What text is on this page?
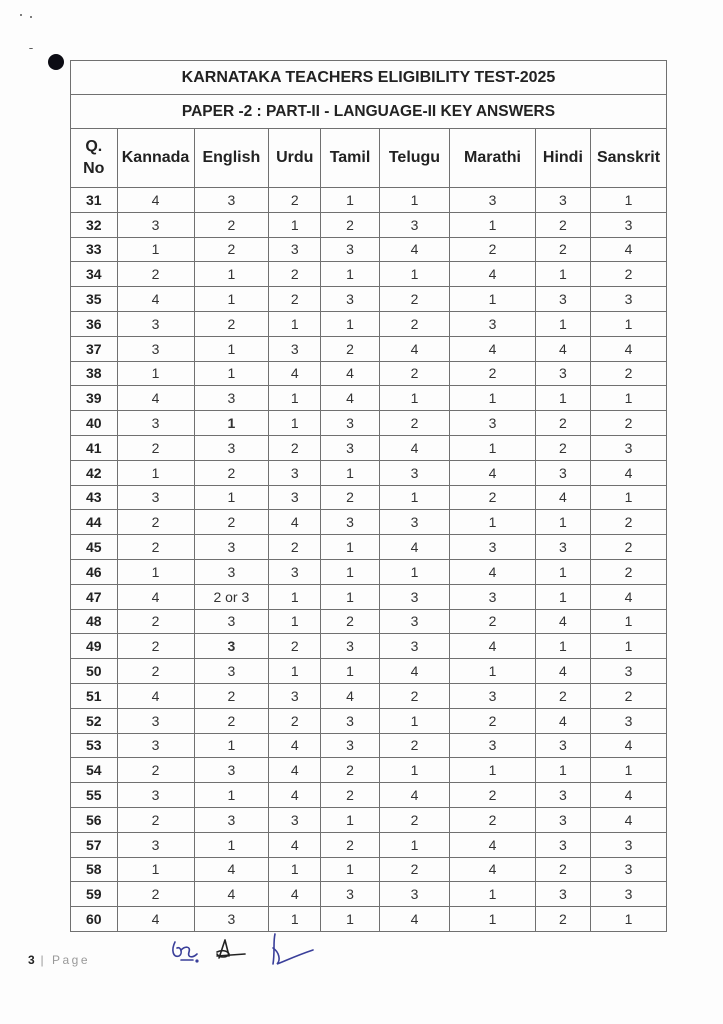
KARNATAKA TEACHERS ELIGIBILITY TEST-2025								
PAPER -2 : PART-II - LANGUAGE-II KEY ANSWERS								

Q.
No	Kannada	English	Urdu	Tamil	Telugu	Marathi	Hindi	Sanskrit
31	4	3	2	1	1	3	3	1
32	3	2	1	2	3	1	2	3
33	1	2	3	3	4	2	2	4
34	2	1	2	1	1	4	1	2
35	4	1	2	3	2	1	3	3
36	3	2	1	1	2	3	1	1
37	3	1	3	2	4	4	4	4
38	1	1	4	4	2	2	3	2
39	4	3	1	4	1	1	1	1
40	3	1	1	3	2	3	2	2
41	2	3	2	3	4	1	2	3
42	1	2	3	1	3	4	3	4
43	3	1	3	2	1	2	4	1
44	2	2	4	3	3	1	1	2
45	2	3	2	1	4	3	3	2
46	1	3	3	1	1	4	1	2
47	4	2 or 3	1	1	3	3	1	4
48	2	3	1	2	3	2	4	1
49	2	3	2	3	3	4	1	1
50	2	3	1	1	4	1	4	3
51	4	2	3	4	2	3	2	2
52	3	2	2	3	1	2	4	3
53	3	1	4	3	2	3	3	4
54	2	3	4	2	1	1	1	1
55	3	1	4	2	4	2	3	4
56	2	3	3	1	2	2	3	4
57	3	1	4	2	1	4	3	3
58	1	4	1	1	2	4	2	3
59	2	4	4	3	3	1	3	3
60	4	3	1	1	4	1	2	1
3 | Page
